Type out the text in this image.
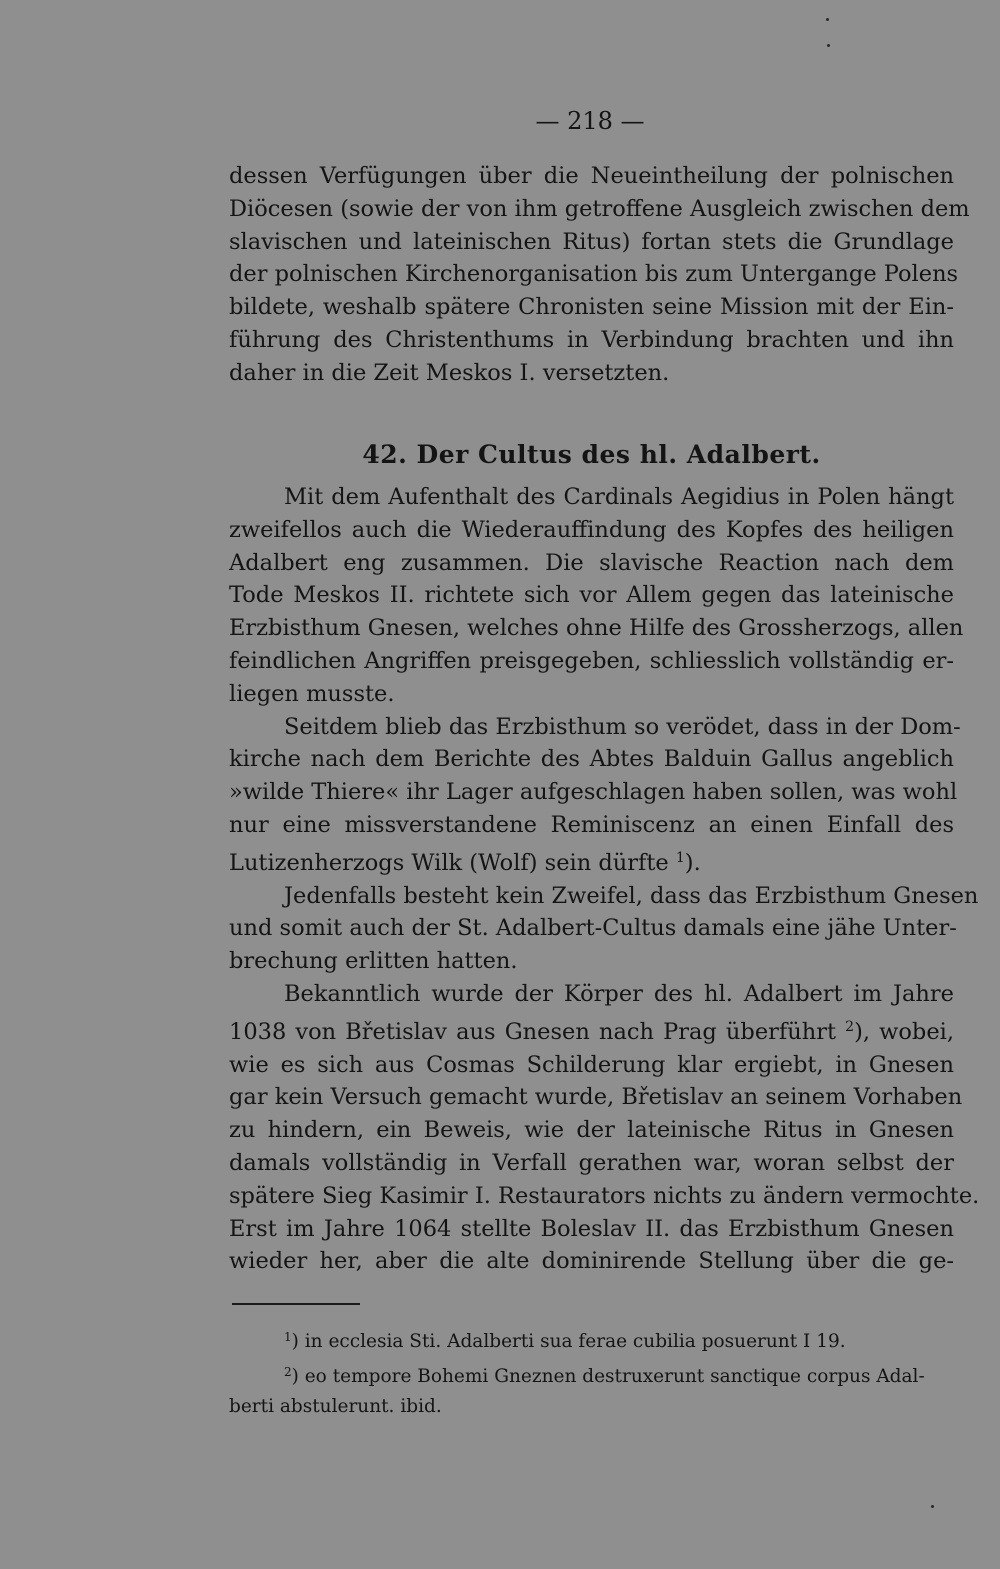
— 218 —

dessen Verfügungen über die Neueintheilung der polnischen
Diöcesen (sowie der von ihm getroffene Ausgleich zwischen dem
slavischen und lateinischen Ritus) fortan stets die Grundlage
der polnischen Kirchenorganisation bis zum Untergange Polens
bildete, weshalb spätere Chronisten seine Mission mit der Ein-
führung des Christenthums in Verbindung brachten und ihn
daher in die Zeit Meskos I. versetzten.

42. Der Cultus des hl. Adalbert.

Mit dem Aufenthalt des Cardinals Aegidius in Polen hängt
zweifellos auch die Wiederauffindung des Kopfes des heiligen
Adalbert eng zusammen. Die slavische Reaction nach dem
Tode Meskos II. richtete sich vor Allem gegen das lateinische
Erzbisthum Gnesen, welches ohne Hilfe des Grossherzogs, allen
feindlichen Angriffen preisgegeben, schliesslich vollständig er-
liegen musste.

Seitdem blieb das Erzbisthum so verödet, dass in der Dom-
kirche nach dem Berichte des Abtes Balduin Gallus angeblich
»wilde Thiere« ihr Lager aufgeschlagen haben sollen, was wohl
nur eine missverstandene Reminiscenz an einen Einfall des
Lutizenherzogs Wilk (Wolf) sein dürfte $^1$).

Jedenfalls besteht kein Zweifel, dass das Erzbisthum Gnesen
und somit auch der St. Adalbert-Cultus damals eine jähe Unter-
brechung erlitten hatten.

Bekanntlich wurde der Körper des hl. Adalbert im Jahre
1038 von Břetislav aus Gnesen nach Prag überführt $^2$), wobei,
wie es sich aus Cosmas Schilderung klar ergiebt, in Gnesen
gar kein Versuch gemacht wurde, Břetislav an seinem Vorhaben
zu hindern, ein Beweis, wie der lateinische Ritus in Gnesen
damals vollständig in Verfall gerathen war, woran selbst der
spätere Sieg Kasimir I. Restaurators nichts zu ändern vermochte.
Erst im Jahre 1064 stellte Boleslav II. das Erzbisthum Gnesen
wieder her, aber die alte dominirende Stellung über die ge-

$^1$) in ecclesia Sti. Adalberti sua ferae cubilia posuerunt I 19.

$^2$) eo tempore Bohemi Gneznen destruxerunt sanctique corpus Adal-

berti abstulerunt. ibid.
